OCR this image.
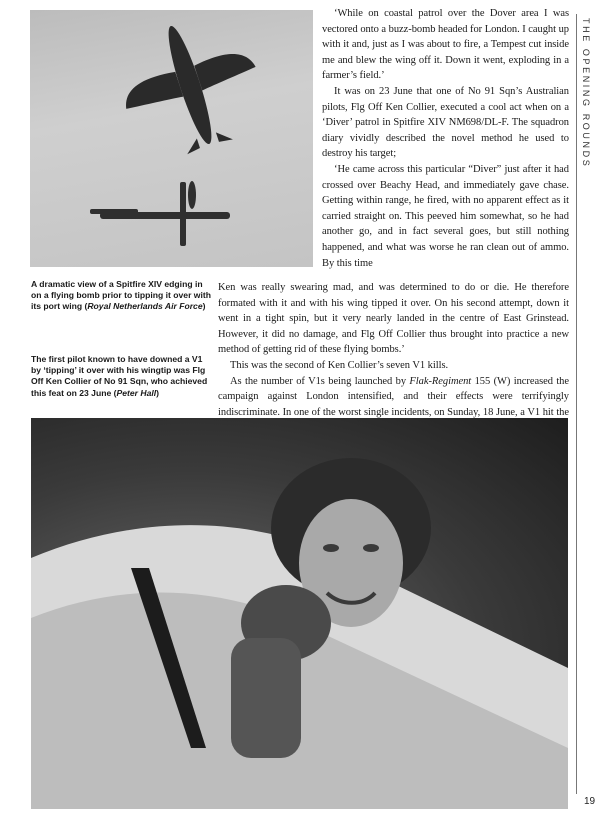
THE OPENING ROUNDS
A dramatic view of a Spitfire XIV edging in on a flying bomb prior to tipping it over with its port wing (Royal Netherlands Air Force)
The first pilot known to have downed a V1 by ‘tipping’ it over with his wingtip was Flg Off Ken Collier of No 91 Sqn, who achieved this feat on 23 June (Peter Hall)

‘While on coastal patrol over the Dover area I was vectored onto a buzz-bomb headed for London. I caught up with it and, just as I was about to fire, a Tempest cut inside me and blew the wing off it. Down it went, exploding in a farmer’s field.’

It was on 23 June that one of No 91 Sqn’s Australian pilots, Flg Off Ken Collier, executed a cool act when on a ‘Diver’ patrol in Spitfire XIV NM698/DL-F. The squadron diary vividly described the novel method he used to destroy his target;

‘He came across this particular “Diver” just after it had crossed over Beachy Head, and immediately gave chase. Getting within range, he fired, with no apparent effect as it carried straight on. This peeved him somewhat, so he had another go, and in fact several goes, but still nothing happened, and what was worse he ran clean out of ammo. By this time

Ken was really swearing mad, and was determined to do or die. He therefore formated with it and with his wing tipped it over. On his second attempt, down it went in a tight spin, but it very nearly landed in the centre of East Grinstead. However, it did no damage, and Flg Off Collier thus brought into practice a new method of getting rid of these flying bombs.’

This was the second of Ken Collier’s seven V1 kills.

As the number of V1s being launched by Flak-Regiment 155 (W) increased the campaign against London intensified, and their effects were terrifyingly indiscriminate. In one of the worst single incidents, on Sunday, 18 June, a V1 hit the

19
